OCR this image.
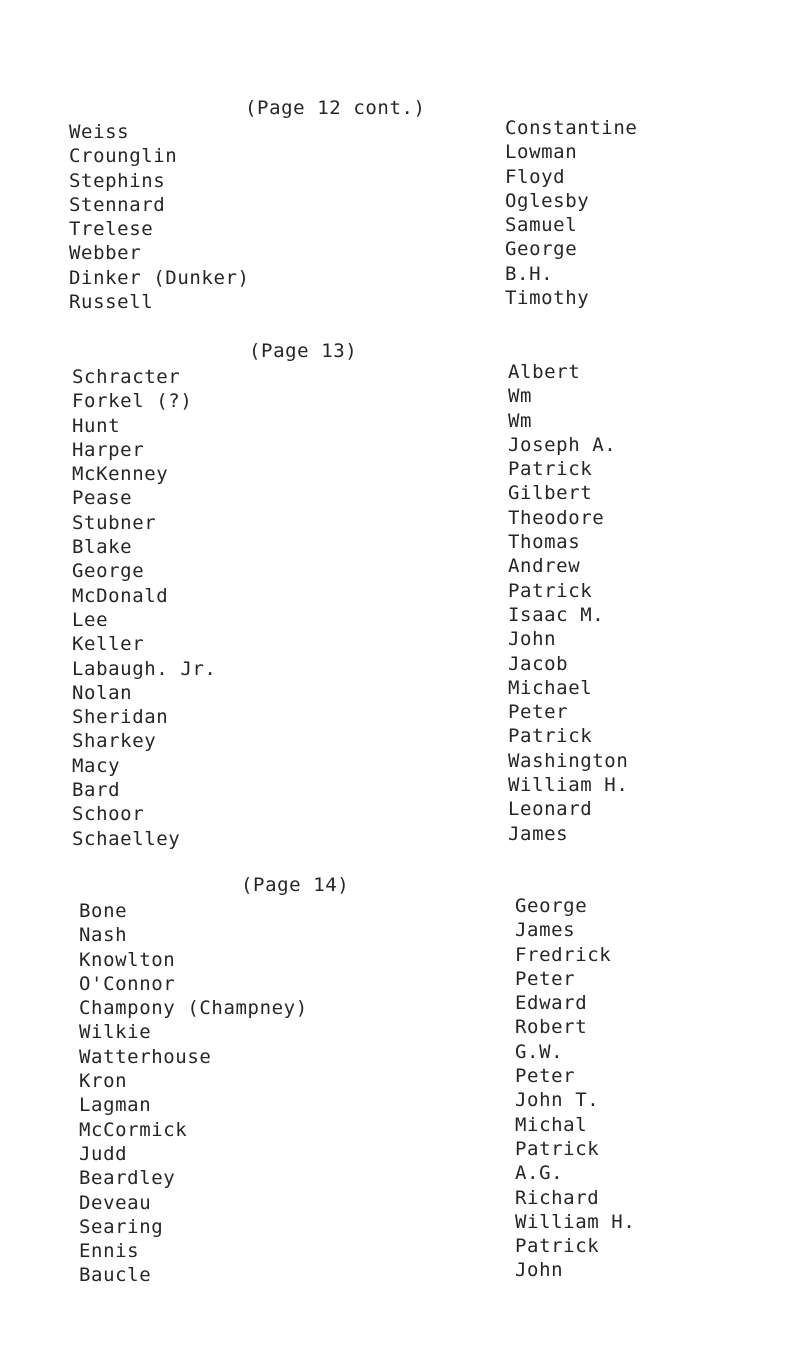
(Page 12 cont.)
Weiss
Crounglin
Stephins
Stennard
Trelese
Webber
Dinker (Dunker)
Russell
Constantine
Lowman
Floyd
Oglesby
Samuel
George
B.H.
Timothy
(Page 13)
Schracter
Forkel (?)
Hunt
Harper
McKenney
Pease
Stubner
Blake
George
McDonald
Lee
Keller
Labaugh. Jr.
Nolan
Sheridan
Sharkey
Macy
Bard
Schoor
Schaelley
Albert
Wm
Wm
Joseph A.
Patrick
Gilbert
Theodore
Thomas
Andrew
Patrick
Isaac M.
John
Jacob
Michael
Peter
Patrick
Washington
William H.
Leonard
James
(Page 14)
Bone
Nash
Knowlton
O'Connor
Champony (Champney)
Wilkie
Watterhouse
Kron
Lagman
McCormick
Judd
Beardley
Deveau
Searing
Ennis
Baucle
George
James
Fredrick
Peter
Edward
Robert
G.W.
Peter
John T.
Michal
Patrick
A.G.
Richard
William H.
Patrick
John
